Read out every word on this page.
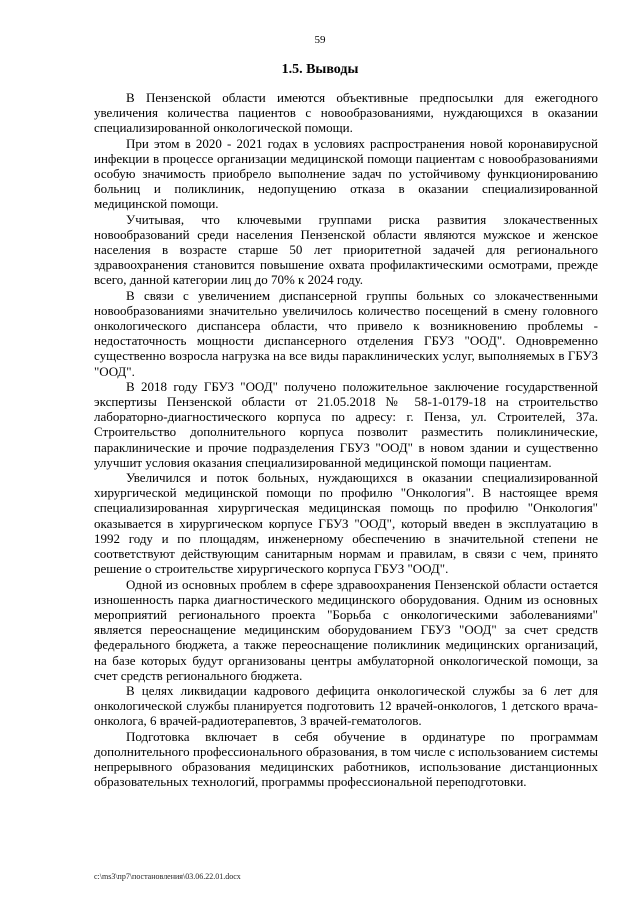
59
1.5. Выводы

В Пензенской области имеются объективные предпосылки для ежегодного увеличения количества пациентов с новообразованиями, нуждающихся в оказании специализированной онкологической помощи.

При этом в 2020 - 2021 годах в условиях распространения новой коронавирусной инфекции в процессе организации медицинской помощи пациентам с новообразованиями особую значимость приобрело выполнение задач по устойчивому функционированию больниц и поликлиник, недопущению отказа в оказании специализированной медицинской помощи.

Учитывая, что ключевыми группами риска развития злокачественных новообразований среди населения Пензенской области являются мужское и женское населения в возрасте старше 50 лет приоритетной задачей для регионального здравоохранения становится повышение охвата профилактическими осмотрами, прежде всего, данной категории лиц до 70% к 2024 году.

В связи с увеличением диспансерной группы больных со злокачественными новообразованиями значительно увеличилось количество посещений в смену головного онкологического диспансера области, что привело к возникновению проблемы - недостаточность мощности диспансерного отделения ГБУЗ "ООД". Одновременно существенно возросла нагрузка на все виды параклинических услуг, выполняемых в ГБУЗ "ООД".

В 2018 году ГБУЗ "ООД" получено положительное заключение государственной экспертизы Пензенской области от 21.05.2018 № 58-1-0179-18 на строительство лабораторно-диагностического корпуса по адресу: г. Пенза, ул. Строителей, 37а. Строительство дополнительного корпуса позволит разместить поликлинические, параклинические и прочие подразделения ГБУЗ "ООД" в новом здании и существенно улучшит условия оказания специализированной медицинской помощи пациентам.

Увеличился и поток больных, нуждающихся в оказании специализированной хирургической медицинской помощи по профилю "Онкология". В настоящее время специализированная хирургическая медицинская помощь по профилю "Онкология" оказывается в хирургическом корпусе ГБУЗ "ООД", который введен в эксплуатацию в 1992 году и по площадям, инженерному обеспечению в значительной степени не соответствуют действующим санитарным нормам и правилам, в связи с чем, принято решение о строительстве хирургического корпуса ГБУЗ "ООД".

Одной из основных проблем в сфере здравоохранения Пензенской области остается изношенность парка диагностического медицинского оборудования. Одним из основных мероприятий регионального проекта "Борьба с онкологическими заболеваниями" является переоснащение медицинским оборудованием ГБУЗ "ООД" за счет средств федерального бюджета, а также переоснащение поликлиник медицинских организаций, на базе которых будут организованы центры амбулаторной онкологической помощи, за счет средств регионального бюджета.

В целях ликвидации кадрового дефицита онкологической службы за 6 лет для онкологической службы планируется подготовить 12 врачей-онкологов, 1 детского врача-онколога, 6 врачей-радиотерапевтов, 3 врачей-гематологов.

Подготовка включает в себя обучение в ординатуре по программам дополнительного профессионального образования, в том числе с использованием системы непрерывного образования медицинских работников, использование дистанционных образовательных технологий, программы профессиональной переподготовки.

c:\ms3\пр7\постановления\03.06.22.01.docx
